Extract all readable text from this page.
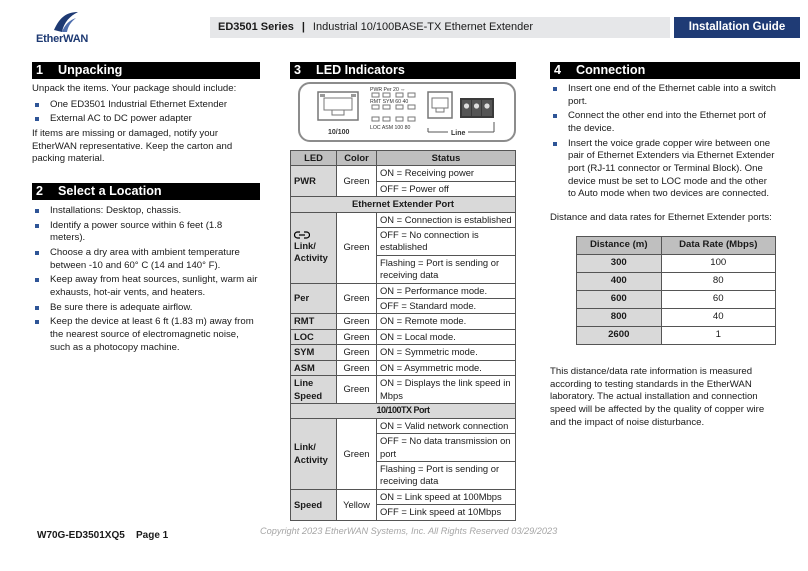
EtherWAN
ED3501 Series | Industrial 10/100BASE-TX Ethernet Extender	Installation Guide
1	Unpacking

Unpack the items. Your package should include:

One ED3501 Industrial Ethernet Extender
External AC to DC power adapter

If items are missing or damaged, notify your EtherWAN representative. Keep the carton and packing material.

2	Select a Location
Installations: Desktop, chassis.
Identify a power source within 6 feet (1.8 meters).
Choose a dry area with ambient temperature between -10 and 60° C (14 and 140° F).
Keep away from heat sources, sunlight, warm air exhausts, hot-air vents, and heaters.
Be sure there is adequate airflow.
Keep the device at least 6 ft (1.83 m) away from the nearest source of electromagnetic noise, such as a photocopy machine.
3	LED Indicators
10/100
PWR Per 20 ⇔
RMT SYM 60 40
LOC ASM 100 80
Line
LED	Color	Status
PWR	Green	ON = Receiving power
		OFF = Power off
Ethernet Extender Port		

Link/ Activity	Green	ON = Connection is established
		OFF = No connection is established
		Flashing = Port is sending or receiving data
Per	Green	ON = Performance mode.
		OFF = Standard mode.
RMT	Green	ON = Remote mode.
LOC	Green	ON = Local mode.
SYM	Green	ON = Symmetric mode.
ASM	Green	ON = Asymmetric mode.
Line Speed	Green	ON = Displays the link speed in Mbps
10/100TX Port		
Link/ Activity	Green	ON = Valid network connection
		OFF = No data transmission on port
		Flashing = Port is sending or receiving data
Speed	Yellow	ON = Link speed at 100Mbps
		OFF = Link speed at 10Mbps
4	Connection
Insert one end of the Ethernet cable into a switch port.
Connect the other end into the Ethernet port of the device.
Insert the voice grade copper wire between one pair of Ethernet Extenders via Ethernet Extender port (RJ-11 connector or Terminal Block). One device must be set to LOC mode and the other to Auto mode when two devices are connected.

Distance and data rates for Ethernet Extender ports:

Distance (m)	Data Rate (Mbps)
300	100
400	80
600	60
800	40
2600	1

This distance/data rate information is measured according to testing standards in the EtherWAN laboratory. The actual installation and connection speed will be affected by the quality of copper wire and the impact of noise disturbance.

W70G-ED3501XQ5 Page 1	Copyright 2023 EtherWAN Systems, Inc. All Rights Reserved 03/29/2023
